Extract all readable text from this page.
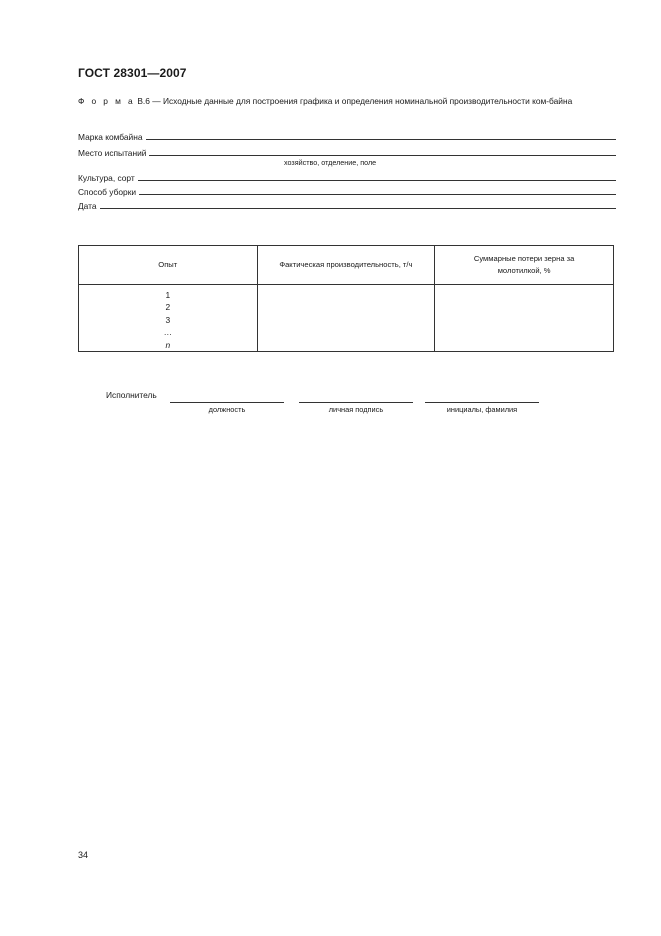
ГОСТ 28301—2007
Ф о р м а В.6 — Исходные данные для построения графика и определения номинальной производительности ком-байна
Марка комбайна
Место испытаний
хозяйство, отделение, поле
Культура, сорт
Способ уборки
Дата
Опыт	Фактическая производительность, т/ч	Суммарные потери зерна за молотилкой, %

1
2
3
…
n		

Исполнитель
должность	личная подпись	инициалы, фамилия
34
